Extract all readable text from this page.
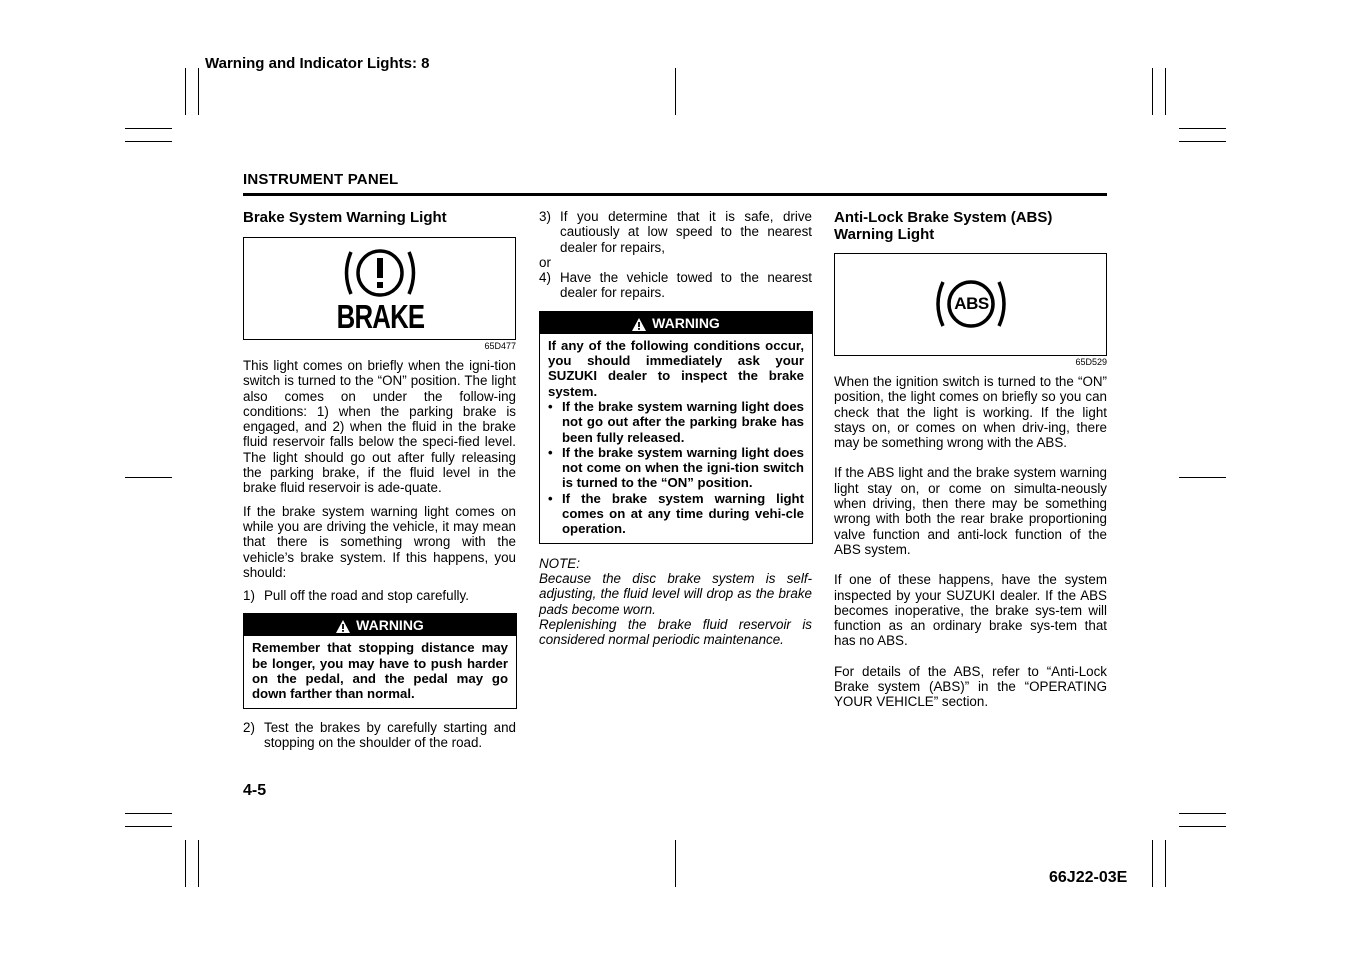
Warning and Indicator Lights: 8
INSTRUMENT PANEL
Brake System Warning Light
BRAKE
65D477
This light comes on briefly when the igni-tion switch is turned to the “ON” position. The light also comes on under the follow-ing conditions: 1) when the parking brake is engaged, and 2) when the fluid in the brake fluid reservoir falls below the speci-fied level. The light should go out after fully releasing the parking brake, if the fluid level in the brake fluid reservoir is ade-quate.
If the brake system warning light comes on while you are driving the vehicle, it may mean that there is something wrong with the vehicle’s brake system. If this happens, you should:
1) Pull off the road and stop carefully.
WARNING
Remember that stopping distance may be longer, you may have to push harder on the pedal, and the pedal may go down farther than normal.
2) Test the brakes by carefully starting and stopping on the shoulder of the road.
3) If you determine that it is safe, drive cautiously at low speed to the nearest dealer for repairs,
or
4) Have the vehicle towed to the nearest dealer for repairs.
WARNING
If any of the following conditions occur, you should immediately ask your SUZUKI dealer to inspect the brake system.
• If the brake system warning light does not go out after the parking brake has been fully released.
• If the brake system warning light does not come on when the igni-tion switch is turned to the “ON” position.
• If the brake system warning light comes on at any time during vehi-cle operation.
NOTE:
Because the disc brake system is self-adjusting, the fluid level will drop as the brake pads become worn.
Replenishing the brake fluid reservoir is considered normal periodic maintenance.
Anti-Lock Brake System (ABS)
Warning Light
ABS
65D529
When the ignition switch is turned to the “ON” position, the light comes on briefly so you can check that the light is working. If the light stays on, or comes on when driv-ing, there may be something wrong with the ABS.
If the ABS light and the brake system warning light stay on, or come on simulta-neously when driving, then there may be something wrong with both the rear brake proportioning valve function and anti-lock function of the ABS system.
If one of these happens, have the system inspected by your SUZUKI dealer. If the ABS becomes inoperative, the brake sys-tem will function as an ordinary brake sys-tem that has no ABS.
For details of the ABS, refer to “Anti-Lock Brake system (ABS)” in the “OPERATING YOUR VEHICLE” section.
4-5
66J22-03E
